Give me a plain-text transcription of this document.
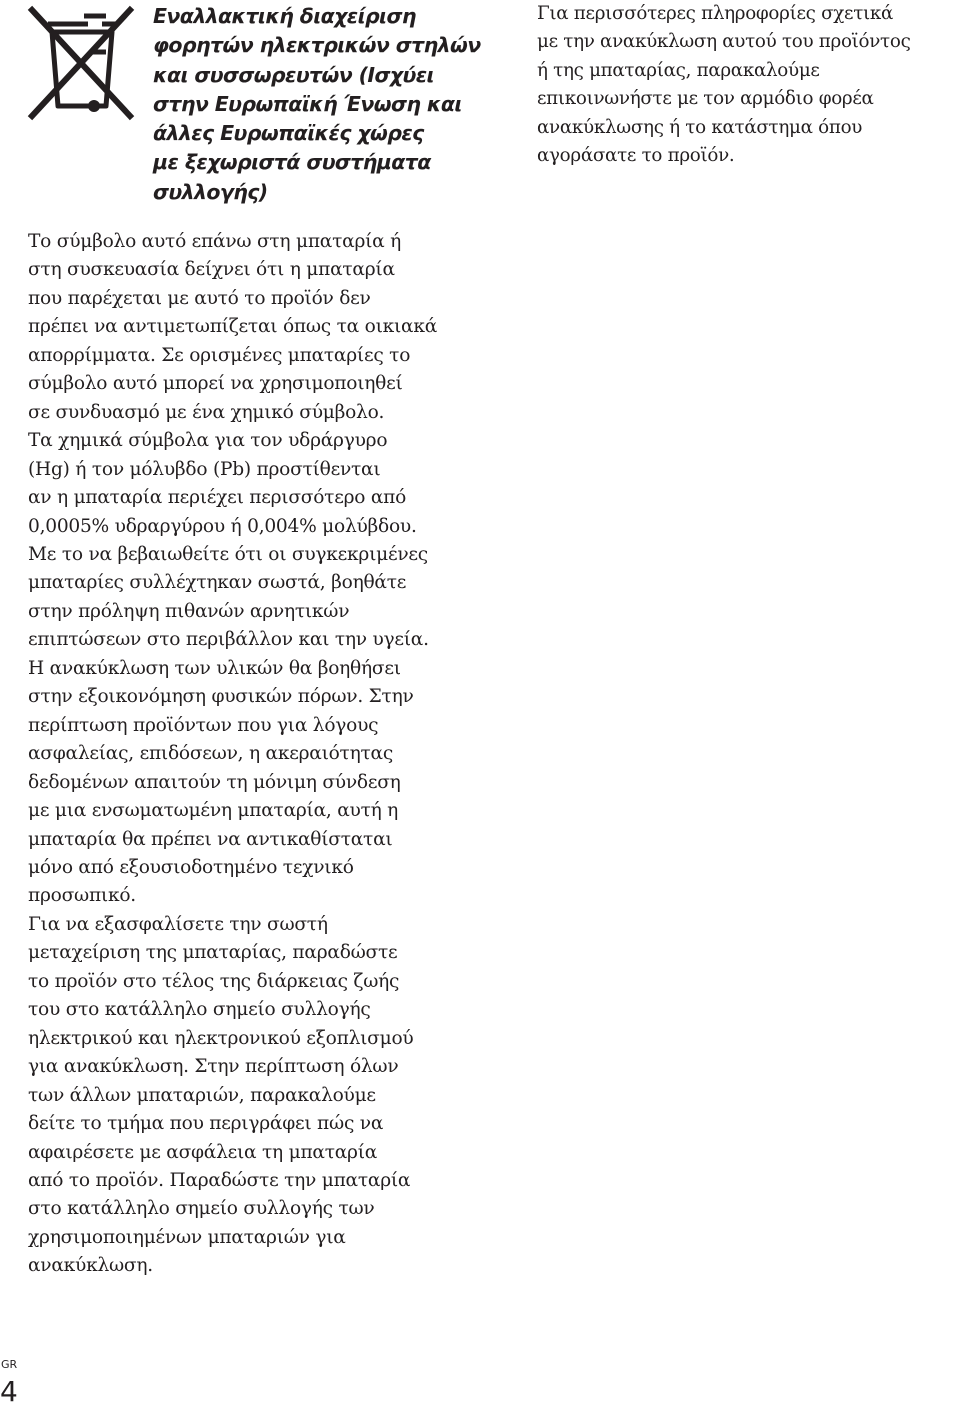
Εναλλακτική διαχείριση
φορητών ηλεκτρικών στηλών
και συσσωρευτών (Ισχύει
στην Ευρωπαϊκή Ένωση και
άλλες Ευρωπαϊκές χώρες
με ξεχωριστά συστήματα
συλλογής)

Το σύμβολο αυτό επάνω στη μπαταρία ή
στη συσκευασία δείχνει ότι η μπαταρία
που παρέχεται με αυτό το προϊόν δεν
πρέπει να αντιμετωπίζεται όπως τα οικιακά
απορρίμματα. Σε ορισμένες μπαταρίες το
σύμβολο αυτό μπορεί να χρησιμοποιηθεί
σε συνδυασμό με ένα χημικό σύμβολο.
Τα χημικά σύμβολα για τον υδράργυρο
(Hg) ή τον μόλυβδο (Pb) προστίθενται
αν η μπαταρία περιέχει περισσότερο από
0,0005% υδραργύρου ή 0,004% μολύβδου.
Με το να βεβαιωθείτε ότι οι συγκεκριμένες
μπαταρίες συλλέχτηκαν σωστά, βοηθάτε
στην πρόληψη πιθανών αρνητικών
επιπτώσεων στο περιβάλλον και την υγεία.
Η ανακύκλωση των υλικών θα βοηθήσει
στην εξοικονόμηση φυσικών πόρων. Στην
περίπτωση προϊόντων που για λόγους
ασφαλείας, επιδόσεων, η ακεραιότητας
δεδομένων απαιτούν τη μόνιμη σύνδεση
με μια ενσωματωμένη μπαταρία, αυτή η
μπαταρία θα πρέπει να αντικαθίσταται
μόνο από εξουσιοδοτημένο τεχνικό
προσωπικό.

Για να εξασφαλίσετε την σωστή
μεταχείριση της μπαταρίας, παραδώστε
το προϊόν στο τέλος της διάρκειας ζωής
του στο κατάλληλο σημείο συλλογής
ηλεκτρικού και ηλεκτρονικού εξοπλισμού
για ανακύκλωση. Στην περίπτωση όλων
των άλλων μπαταριών, παρακαλούμε
δείτε το τμήμα που περιγράφει πώς να
αφαιρέσετε με ασφάλεια τη μπαταρία
από το προϊόν. Παραδώστε την μπαταρία
στο κατάλληλο σημείο συλλογής των
χρησιμοποιημένων μπαταριών για
ανακύκλωση.

Για περισσότερες πληροφορίες σχετικά
με την ανακύκλωση αυτού του προϊόντος
ή της μπαταρίας, παρακαλούμε
επικοινωνήστε με τον αρμόδιο φορέα
ανακύκλωσης ή το κατάστημα όπου
αγοράσατε το προϊόν.

GR
4
